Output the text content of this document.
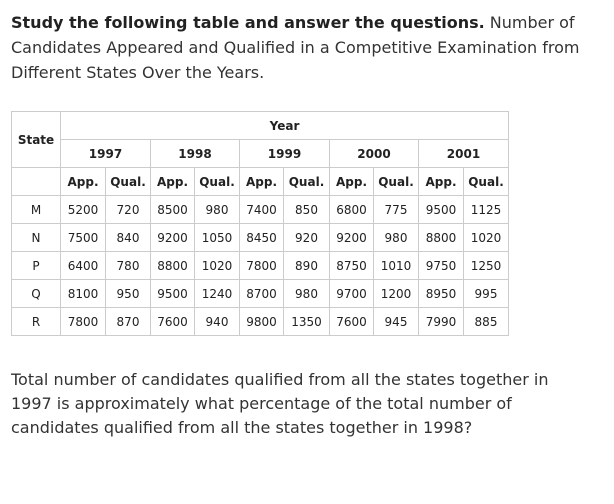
Study the following table and answer the questions. Number of Candidates Appeared and Qualified in a Competitive Examination from Different States Over the Years.

State	Year									
	1997		1998		1999		2000		2001	
	App.	Qual.	App.	Qual.	App.	Qual.	App.	Qual.	App.	Qual.
M	5200	720	8500	980	7400	850	6800	775	9500	1125
N	7500	840	9200	1050	8450	920	9200	980	8800	1020
P	6400	780	8800	1020	7800	890	8750	1010	9750	1250
Q	8100	950	9500	1240	8700	980	9700	1200	8950	995
R	7800	870	7600	940	9800	1350	7600	945	7990	885

Total number of candidates qualified from all the states together in 1997 is approximately what percentage of the total number of candidates qualified from all the states together in 1998?
